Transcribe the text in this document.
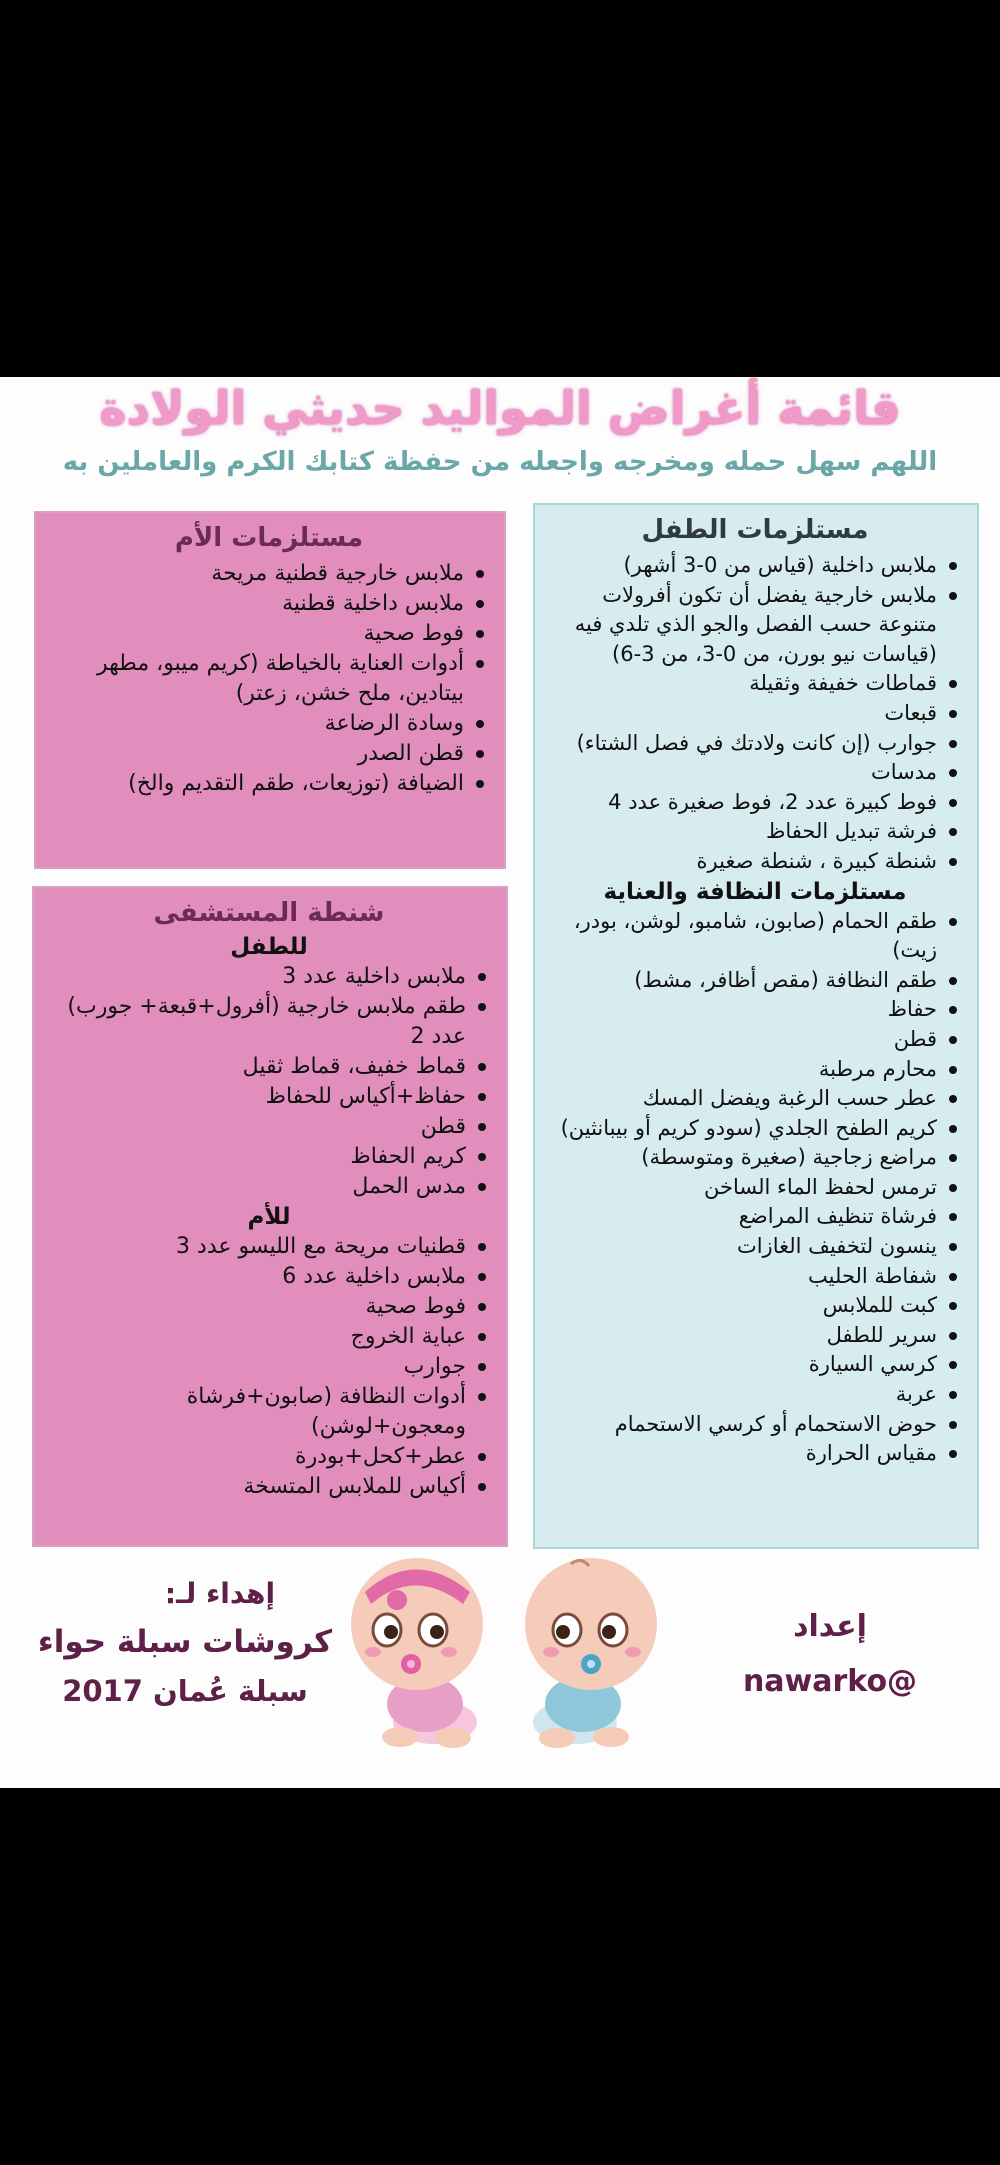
قائمة أغراض المواليد حديثي الولادة
اللهم سهل حمله ومخرجه واجعله من حفظة كتابك الكرم والعاملين به
مستلزمات الأم
ملابس خارجية قطنية مريحة
ملابس داخلية قطنية
فوط صحية
أدوات العناية بالخياطة (كريم ميبو، مطهر بيتادين، ملح خشن، زعتر)
وسادة الرضاعة
قطن الصدر
الضيافة (توزيعات، طقم التقديم والخ)
شنطة المستشفى
للطفل
ملابس داخلية عدد 3
طقم ملابس خارجية (أفرول+قبعة+ جورب) عدد 2
قماط خفيف، قماط ثقيل
حفاظ+أكياس للحفاظ
قطن
كريم الحفاظ
مدس الحمل
للأم
قطنيات مريحة مع الليسو عدد 3
ملابس داخلية عدد 6
فوط صحية
عباية الخروج
جوارب
أدوات النظافة (صابون+فرشاة ومعجون+لوشن)
عطر+كحل+بودرة
أكياس للملابس المتسخة
مستلزمات الطفل
ملابس داخلية (قياس من 0-3 أشهر)
ملابس خارجية يفضل أن تكون أفرولات متنوعة حسب الفصل والجو الذي تلدي فيه (قياسات نيو بورن، من 0-3، من 3-6)
قماطات خفيفة وثقيلة
قبعات
جوارب (إن كانت ولادتك في فصل الشتاء)
مدسات
فوط كبيرة عدد 2، فوط صغيرة عدد 4
فرشة تبديل الحفاظ
شنطة كبيرة ، شنطة صغيرة
مستلزمات النظافة والعناية
طقم الحمام (صابون، شامبو، لوشن، بودر، زيت)
طقم النظافة (مقص أظافر، مشط)
حفاظ
قطن
محارم مرطبة
عطر حسب الرغبة ويفضل المسك
كريم الطفح الجلدي (سودو كريم أو بيبانثين)
مراضع زجاجية (صغيرة ومتوسطة)
ترمس لحفظ الماء الساخن
فرشاة تنظيف المراضع
ينسون لتخفيف الغازات
شفاطة الحليب
كبت للملابس
سرير للطفل
كرسي السيارة
عربة
حوض الاستحمام أو كرسي الاستحمام
مقياس الحرارة
إهداء لـ:
كروشات سبلة حواء
سبلة عُمان 2017
إعداد
nawarko@
